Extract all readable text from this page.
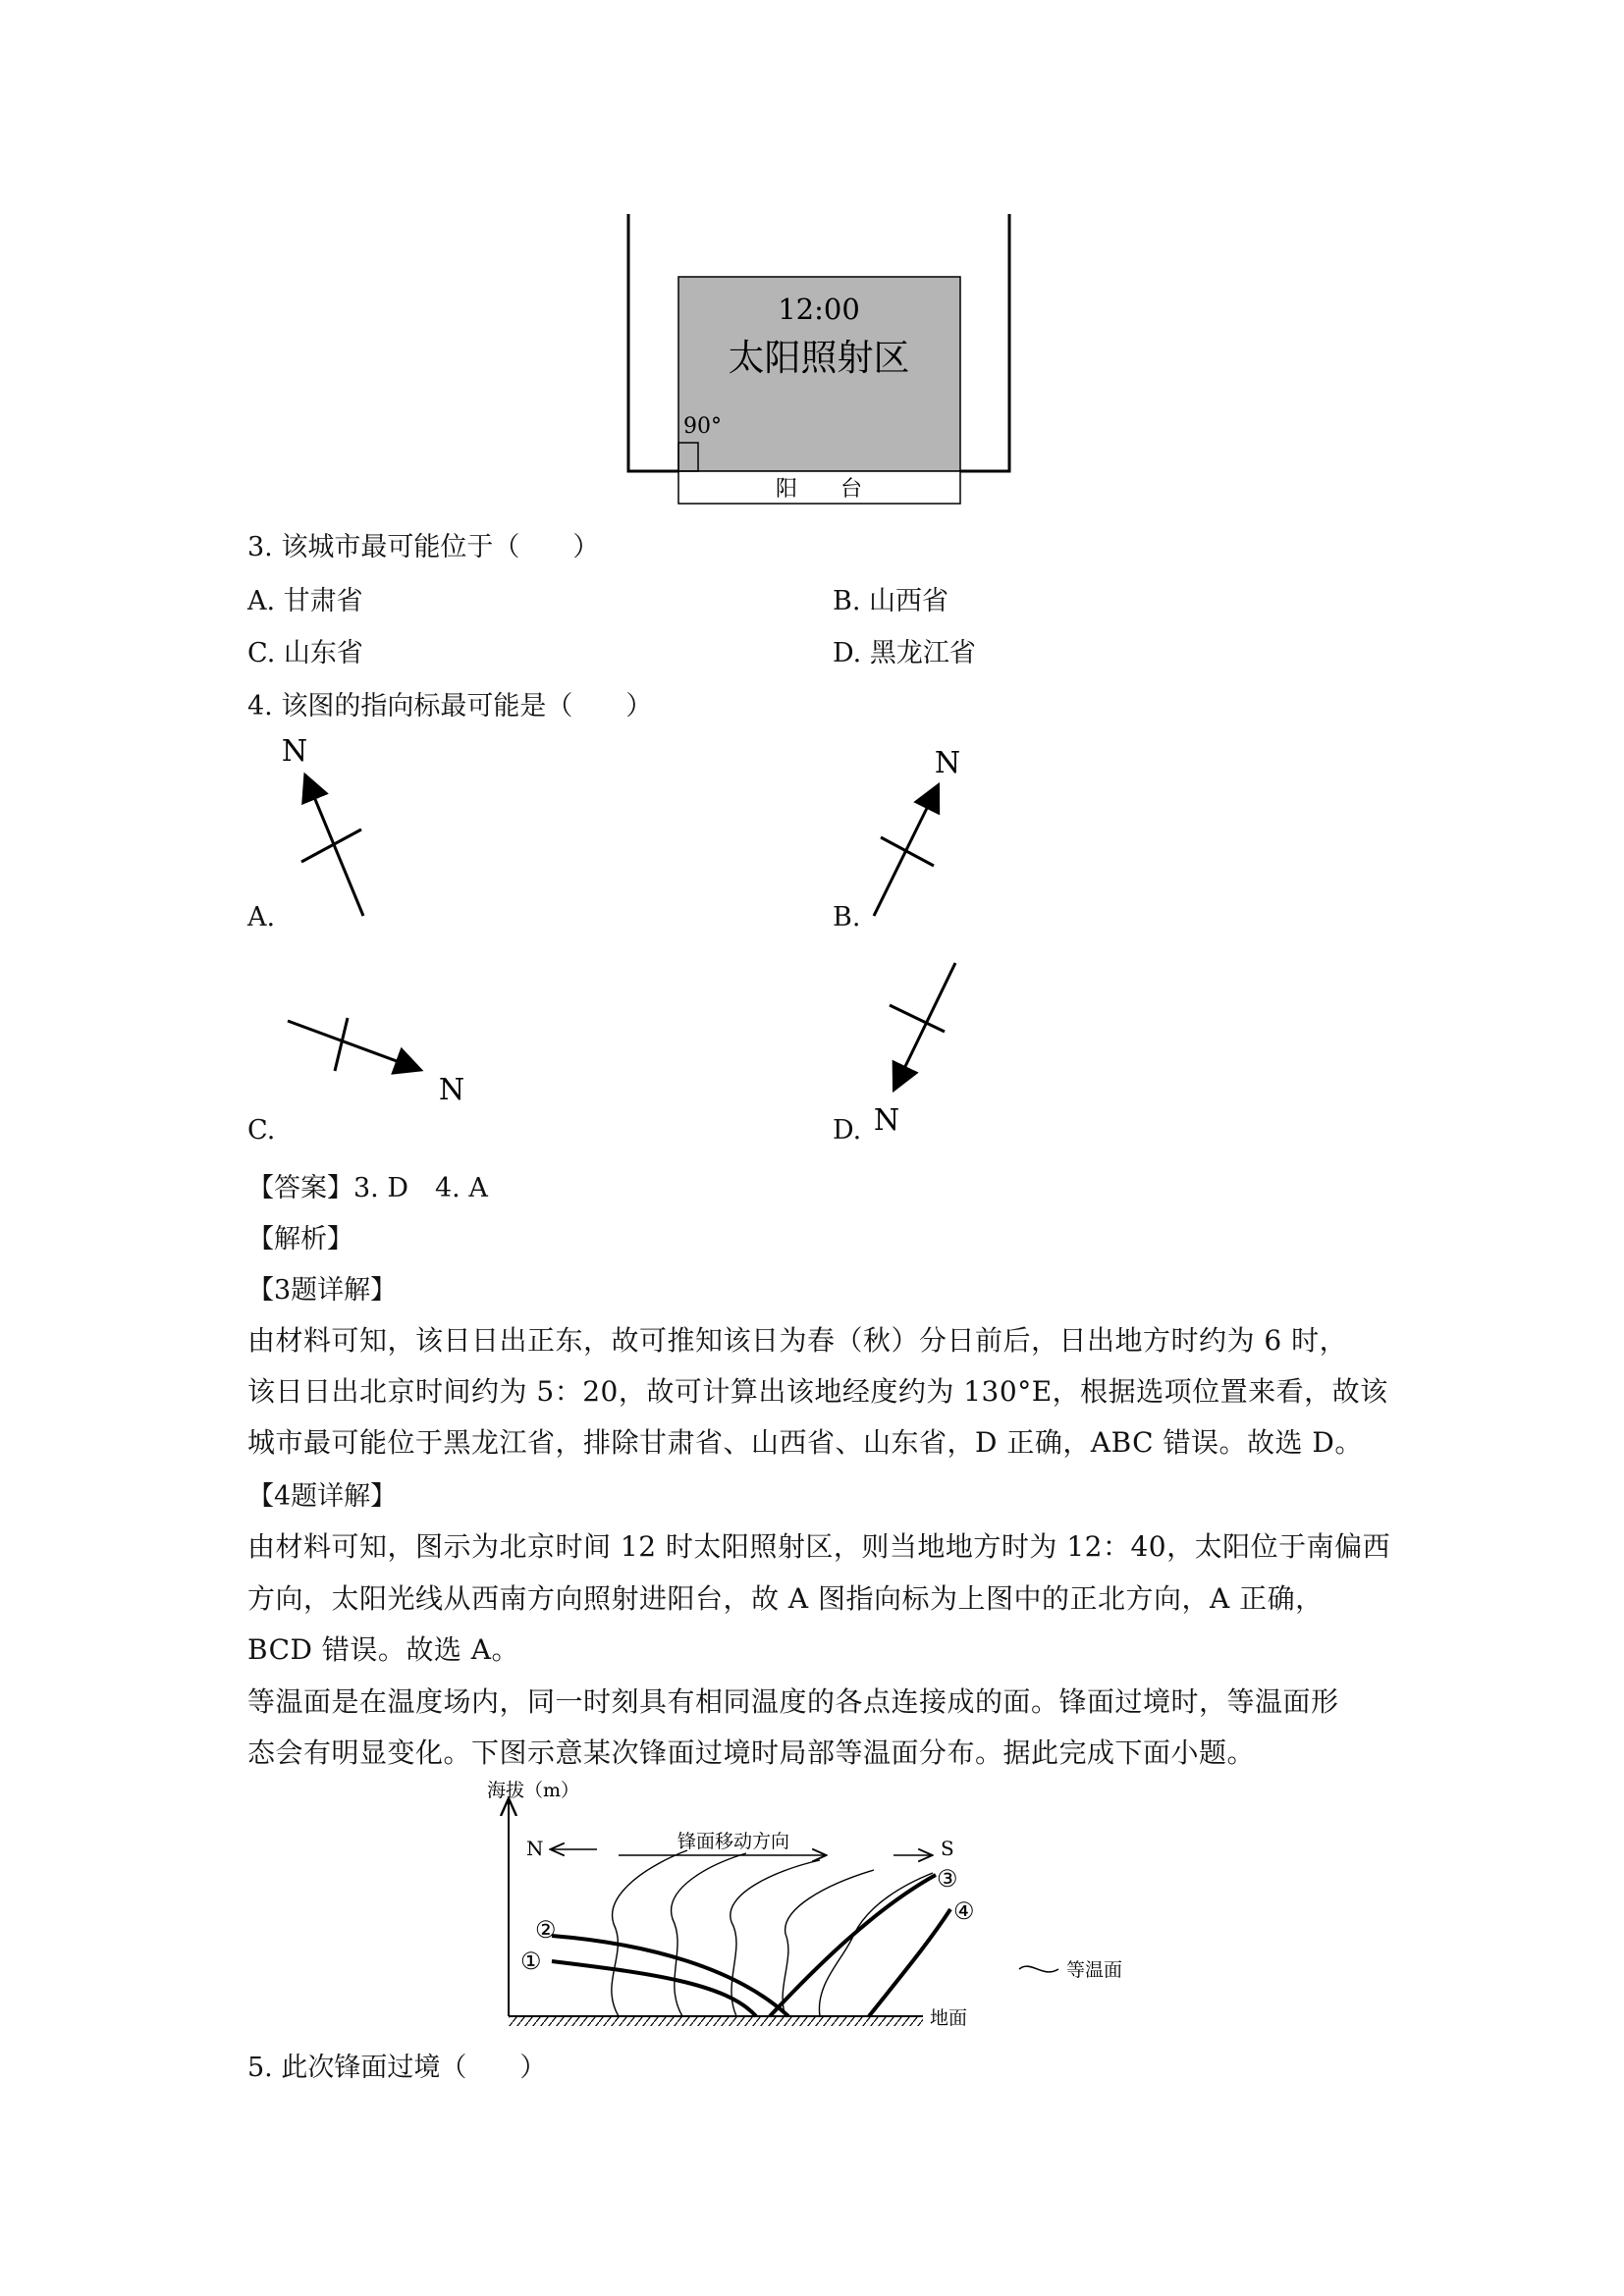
12:00
太阳照射区
90°
阳　　台
3. 该城市最可能位于（　　）
A. 甘肃省	B. 山西省
C. 山东省	D. 黑龙江省
4. 该图的指向标最可能是（　　）
N
A.
N
B.
N
C.	N
D.
【答案】3. D　4. A
【解析】
【3题详解】
由材料可知，该日日出正东，故可推知该日为春（秋）分日前后，日出地方时约为 6 时，
该日日出北京时间约为 5：20，故可计算出该地经度约为 130°E，根据选项位置来看，故该
城市最可能位于黑龙江省，排除甘肃省、山西省、山东省，D 正确，ABC 错误。故选 D。
【4题详解】
由材料可知，图示为北京时间 12 时太阳照射区，则当地地方时为 12：40，太阳位于南偏西
方向，太阳光线从西南方向照射进阳台，故 A 图指向标为上图中的正北方向，A 正确，
BCD 错误。故选 A。
等温面是在温度场内，同一时刻具有相同温度的各点连接成的面。锋面过境时，等温面形
态会有明显变化。下图示意某次锋面过境时局部等温面分布。据此完成下面小题。
海拔（m）
地面
N	锋面移动方向	S
①
②
③
④
等温面
5. 此次锋面过境（　　）
